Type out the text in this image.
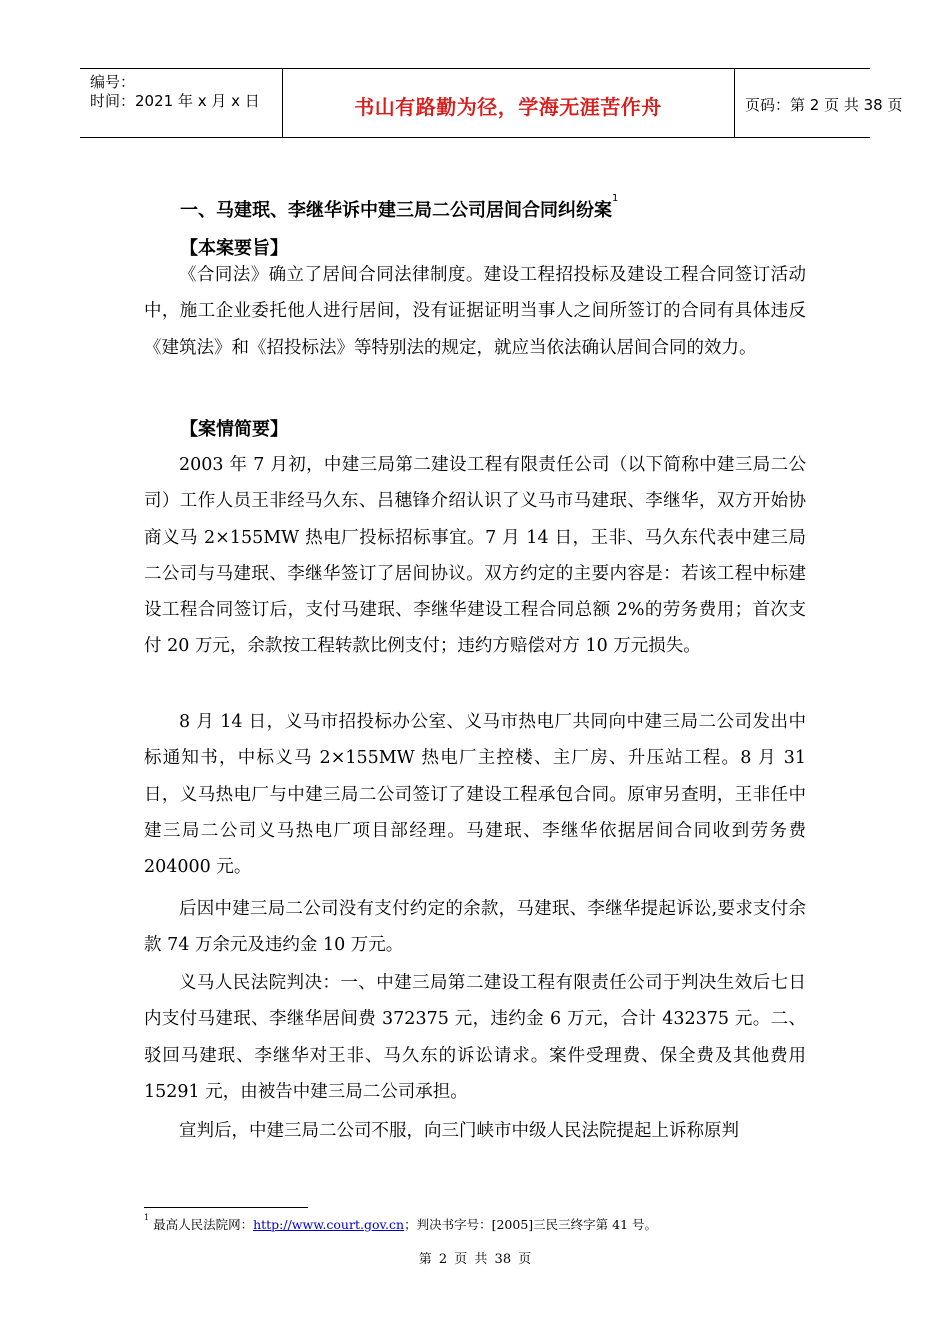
编号：
时间：2021 年 x 月 x 日	书山有路勤为径，学海无涯苦作舟	页码：第 2 页 共 38 页
一、马建珉、李继华诉中建三局二公司居间合同纠纷案$^1$
【本案要旨】

《合同法》确立了居间合同法律制度。建设工程招投标及建设工程合同签订活动中，施工企业委托他人进行居间，没有证据证明当事人之间所签订的合同有具体违反《建筑法》和《招投标法》等特别法的规定，就应当依法确认居间合同的效力。

【案情简要】

2003 年 7 月初，中建三局第二建设工程有限责任公司（以下简称中建三局二公司）工作人员王非经马久东、吕穗锋介绍认识了义马市马建珉、李继华，双方开始协商义马 2×155MW 热电厂投标招标事宜。7 月 14 日，王非、马久东代表中建三局二公司与马建珉、李继华签订了居间协议。双方约定的主要内容是：若该工程中标建设工程合同签订后，支付马建珉、李继华建设工程合同总额 2%的劳务费用；首次支付 20 万元，余款按工程转款比例支付；违约方赔偿对方 10 万元损失。

8 月 14 日，义马市招投标办公室、义马市热电厂共同向中建三局二公司发出中标通知书，中标义马 2×155MW 热电厂主控楼、主厂房、升压站工程。8 月 31 日，义马热电厂与中建三局二公司签订了建设工程承包合同。原审另查明，王非任中建三局二公司义马热电厂项目部经理。马建珉、李继华依据居间合同收到劳务费 204000 元。

后因中建三局二公司没有支付约定的余款，马建珉、李继华提起诉讼,要求支付余款 74 万余元及违约金 10 万元。

义马人民法院判决：一、中建三局第二建设工程有限责任公司于判决生效后七日内支付马建珉、李继华居间费 372375 元，违约金 6 万元，合计 432375 元。二、驳回马建珉、李继华对王非、马久东的诉讼请求。案件受理费、保全费及其他费用 15291 元，由被告中建三局二公司承担。

宣判后，中建三局二公司不服，向三门峡市中级人民法院提起上诉称原判

$^1$ 最高人民法院网：http://www.court.gov.cn；判决书字号：[2005]三民三终字第 41 号。
第 2 页 共 38 页
